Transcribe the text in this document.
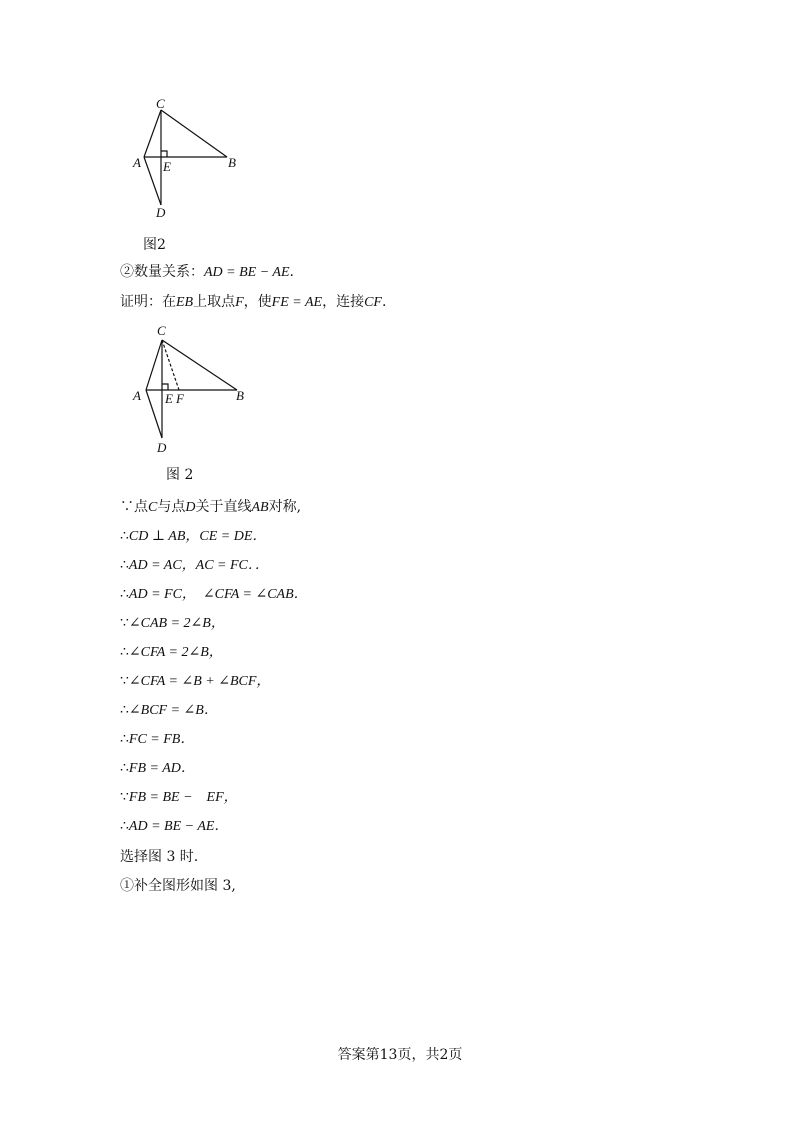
C
A E	B
D
图2
②数量关系：AD = BE − AE.
证明：在EB上取点F，使FE = AE，连接CF.
C
A E F	B
D
图 2
∵点C与点D关于直线AB对称,
∴CD ⊥ AB，CE = DE．
∴AD = AC，AC = FC．．
∴AD = FC，　∠CFA = ∠CAB．
∵∠CAB = 2∠B，
∴∠CFA = 2∠B，
∵∠CFA = ∠B + ∠BCF，
∴∠BCF = ∠B．
∴FC = FB．
∴FB = AD．
∵FB = BE −　EF，
∴AD = BE − AE．
选择图 3 时.
①补全图形如图 3,
答案第13页，共2页
